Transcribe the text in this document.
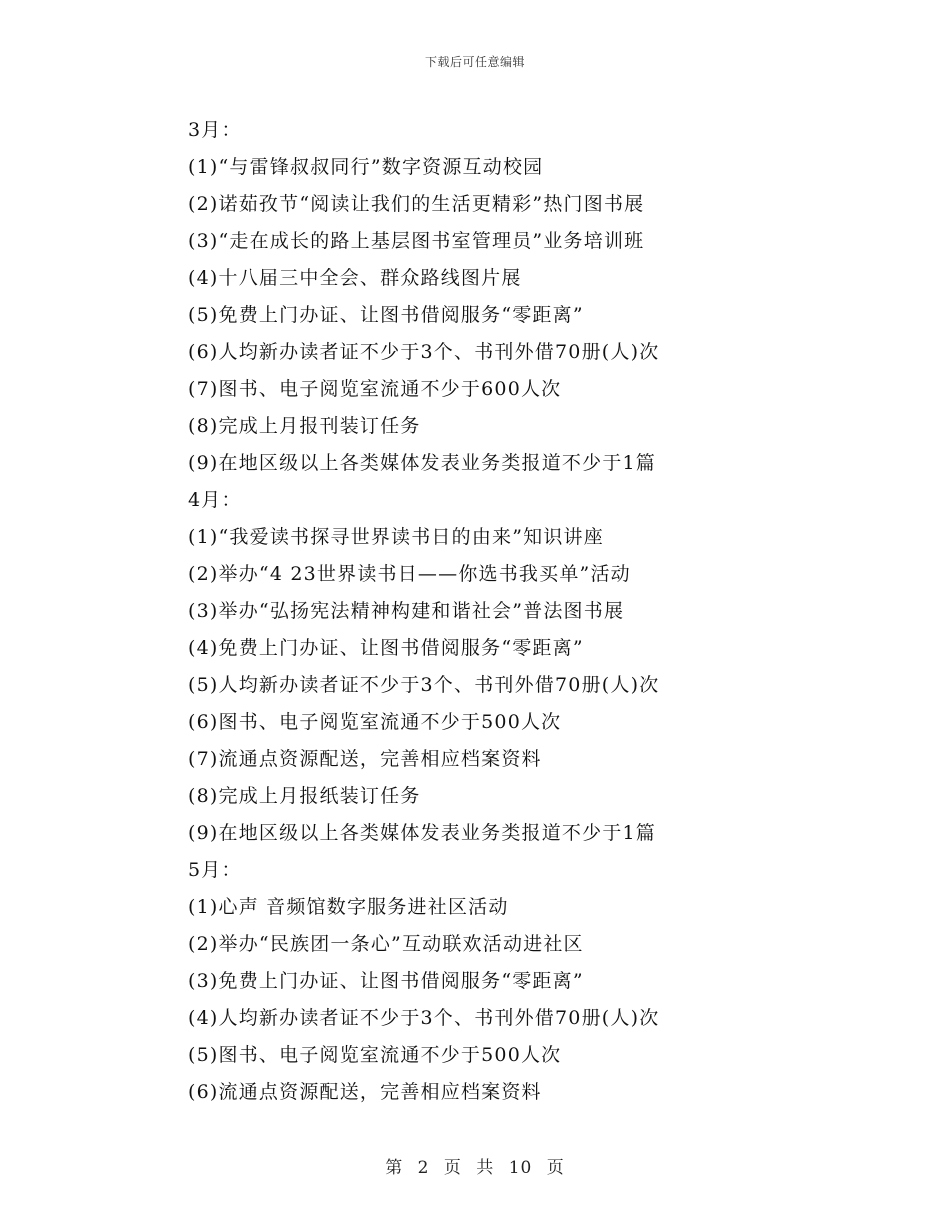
下载后可任意编辑
3月：
(1)“与雷锋叔叔同行”数字资源互动校园
(2)诺茹孜节“阅读让我们的生活更精彩”热门图书展
(3)“走在成长的路上基层图书室管理员”业务培训班
(4)十八届三中全会、群众路线图片展
(5)免费上门办证、让图书借阅服务“零距离”
(6)人均新办读者证不少于3个、书刊外借70册(人)次
(7)图书、电子阅览室流通不少于600人次
(8)完成上月报刊装订任务
(9)在地区级以上各类媒体发表业务类报道不少于1篇
4月：
(1)“我爱读书探寻世界读书日的由来”知识讲座
(2)举办“4 23世界读书日——你选书我买单”活动
(3)举办“弘扬宪法精神构建和谐社会”普法图书展
(4)免费上门办证、让图书借阅服务“零距离”
(5)人均新办读者证不少于3个、书刊外借70册(人)次
(6)图书、电子阅览室流通不少于500人次
(7)流通点资源配送，完善相应档案资料
(8)完成上月报纸装订任务
(9)在地区级以上各类媒体发表业务类报道不少于1篇
5月：
(1)心声 音频馆数字服务进社区活动
(2)举办“民族团一条心”互动联欢活动进社区
(3)免费上门办证、让图书借阅服务“零距离”
(4)人均新办读者证不少于3个、书刊外借70册(人)次
(5)图书、电子阅览室流通不少于500人次
(6)流通点资源配送，完善相应档案资料
第 2 页 共 10 页
